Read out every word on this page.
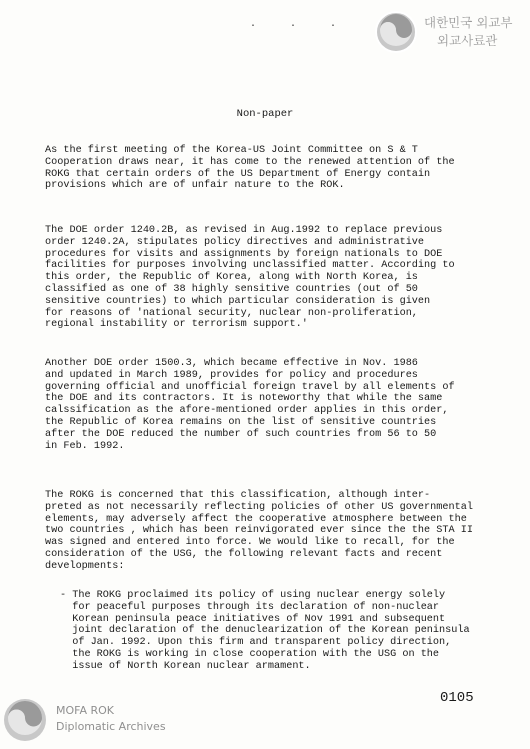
대한민국 외교부
외교사료관
. . .
Non-paper
As the first meeting of the Korea-US Joint Committee on S & T
Cooperation draws near, it has come to the renewed attention of the
ROKG that certain orders of the US Department of Energy contain
provisions which are of unfair nature to the ROK.
The DOE order 1240.2B, as revised in Aug.1992 to replace previous
order 1240.2A, stipulates policy directives and administrative
procedures for visits and assignments by foreign nationals to DOE
facilities for purposes involving unclassified matter. According to
this order, the Republic of Korea, along with North Korea, is
classified as one of 38 highly sensitive countries (out of 50
sensitive countries) to which particular consideration is given
for reasons of 'national security, nuclear non-proliferation,
regional instability or terrorism support.'
Another DOE order 1500.3, which became effective in Nov. 1986
and updated in March 1989, provides for policy and procedures
governing official and unofficial foreign travel by all elements of
the DOE and its contractors. It is noteworthy that while the same
calssification as the afore-mentioned order applies in this order,
the Republic of Korea remains on the list of sensitive countries
after the DOE reduced the number of such countries from 56 to 50
in Feb. 1992.
The ROKG is concerned that this classification, although inter-
preted as not necessarily reflecting policies of other US governmental
elements, may adversely affect the cooperative atmosphere between the
two countries , which has been reinvigorated ever since the the STA II
was signed and entered into force. We would like to recall, for the
consideration of the USG, the following relevant facts and recent
developments:
- The ROKG proclaimed its policy of using nuclear energy solely
for peaceful purposes through its declaration of non-nuclear
Korean peninsula peace initiatives of Nov 1991 and subsequent
joint declaration of the denuclearization of the Korean peninsula
of Jan. 1992. Upon this firm and transparent policy direction,
the ROKG is working in close cooperation with the USG on the
issue of North Korean nuclear armament.
0105
MOFA ROK
Diplomatic Archives
